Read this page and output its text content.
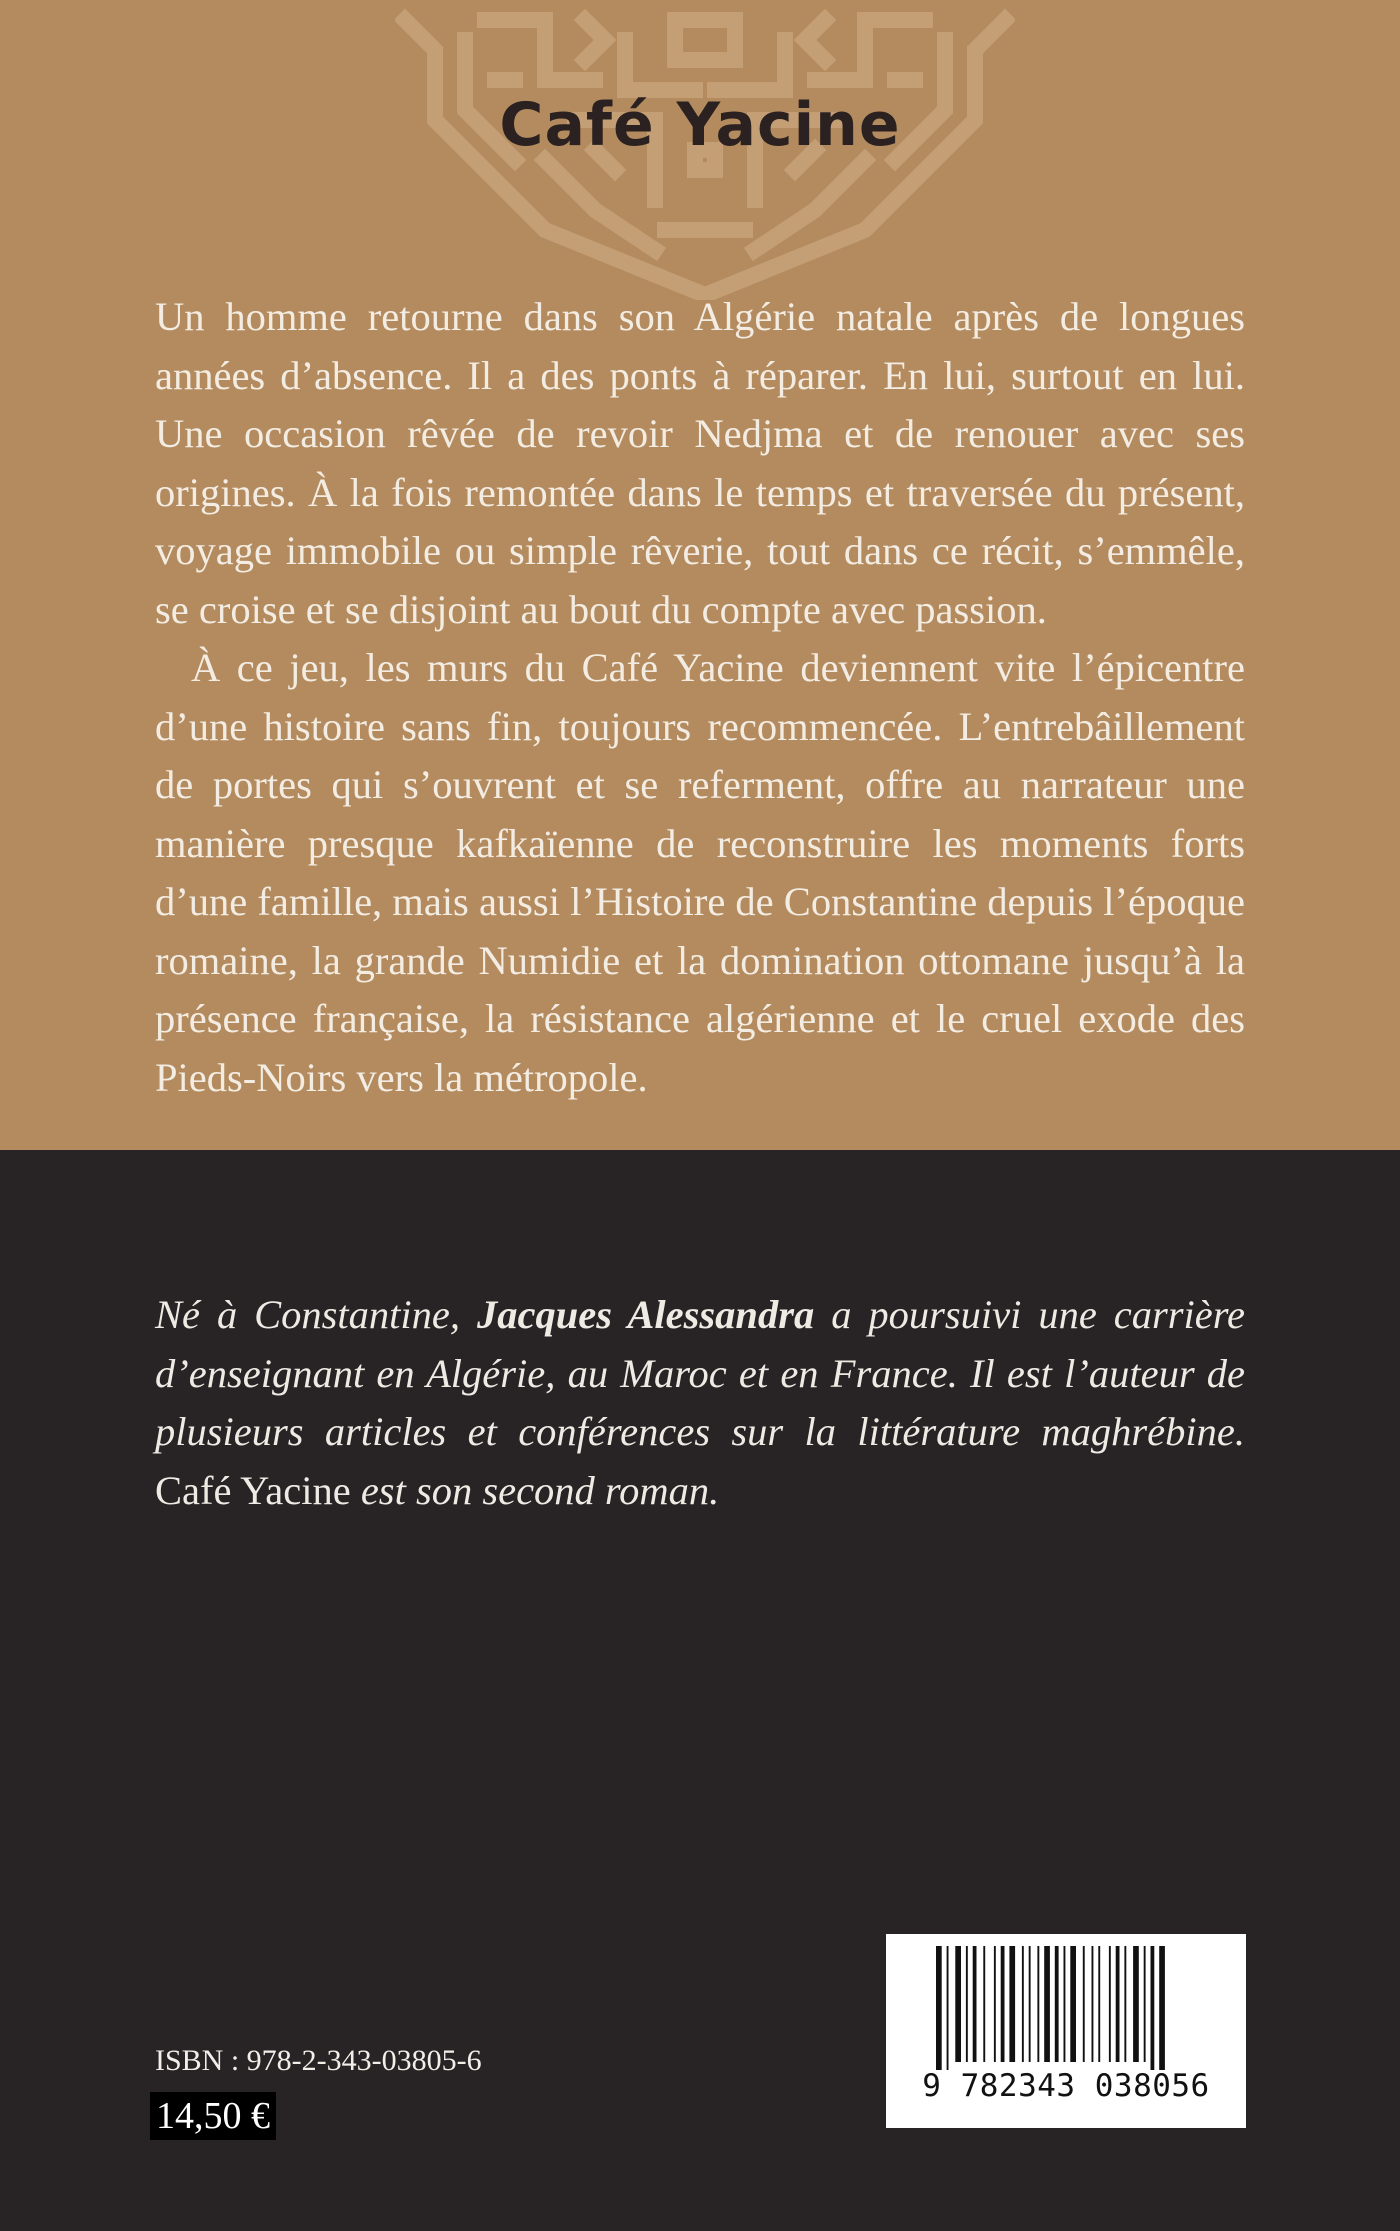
Café Yacine

Un homme retourne dans son Algérie natale après de longues années d’absence. Il a des ponts à réparer. En lui, surtout en lui. Une occasion rêvée de revoir Nedjma et de renouer avec ses origines. À la fois remontée dans le temps et traversée du présent, voyage immobile ou simple rêverie, tout dans ce récit, s’emmêle, se croise et se disjoint au bout du compte avec passion.

À ce jeu, les murs du Café Yacine deviennent vite l’épicentre d’une histoire sans fin, toujours recommencée. L’entrebâillement de portes qui s’ouvrent et se referment, offre au narrateur une manière presque kafkaïenne de reconstruire les moments forts d’une famille, mais aussi l’Histoire de Constantine depuis l’époque romaine, la grande Numidie et la domination ottomane jusqu’à la présence française, la résistance algérienne et le cruel exode des Pieds-Noirs vers la métropole.

Né à Constantine, Jacques Alessandra a poursuivi une carrière d’enseignant en Algérie, au Maroc et en France. Il est l’auteur de plusieurs articles et conférences sur la littérature maghrébine. Café Yacine est son second roman.

ISBN : 978-2-343-03805-6

14,50 €

9 782343 038056
